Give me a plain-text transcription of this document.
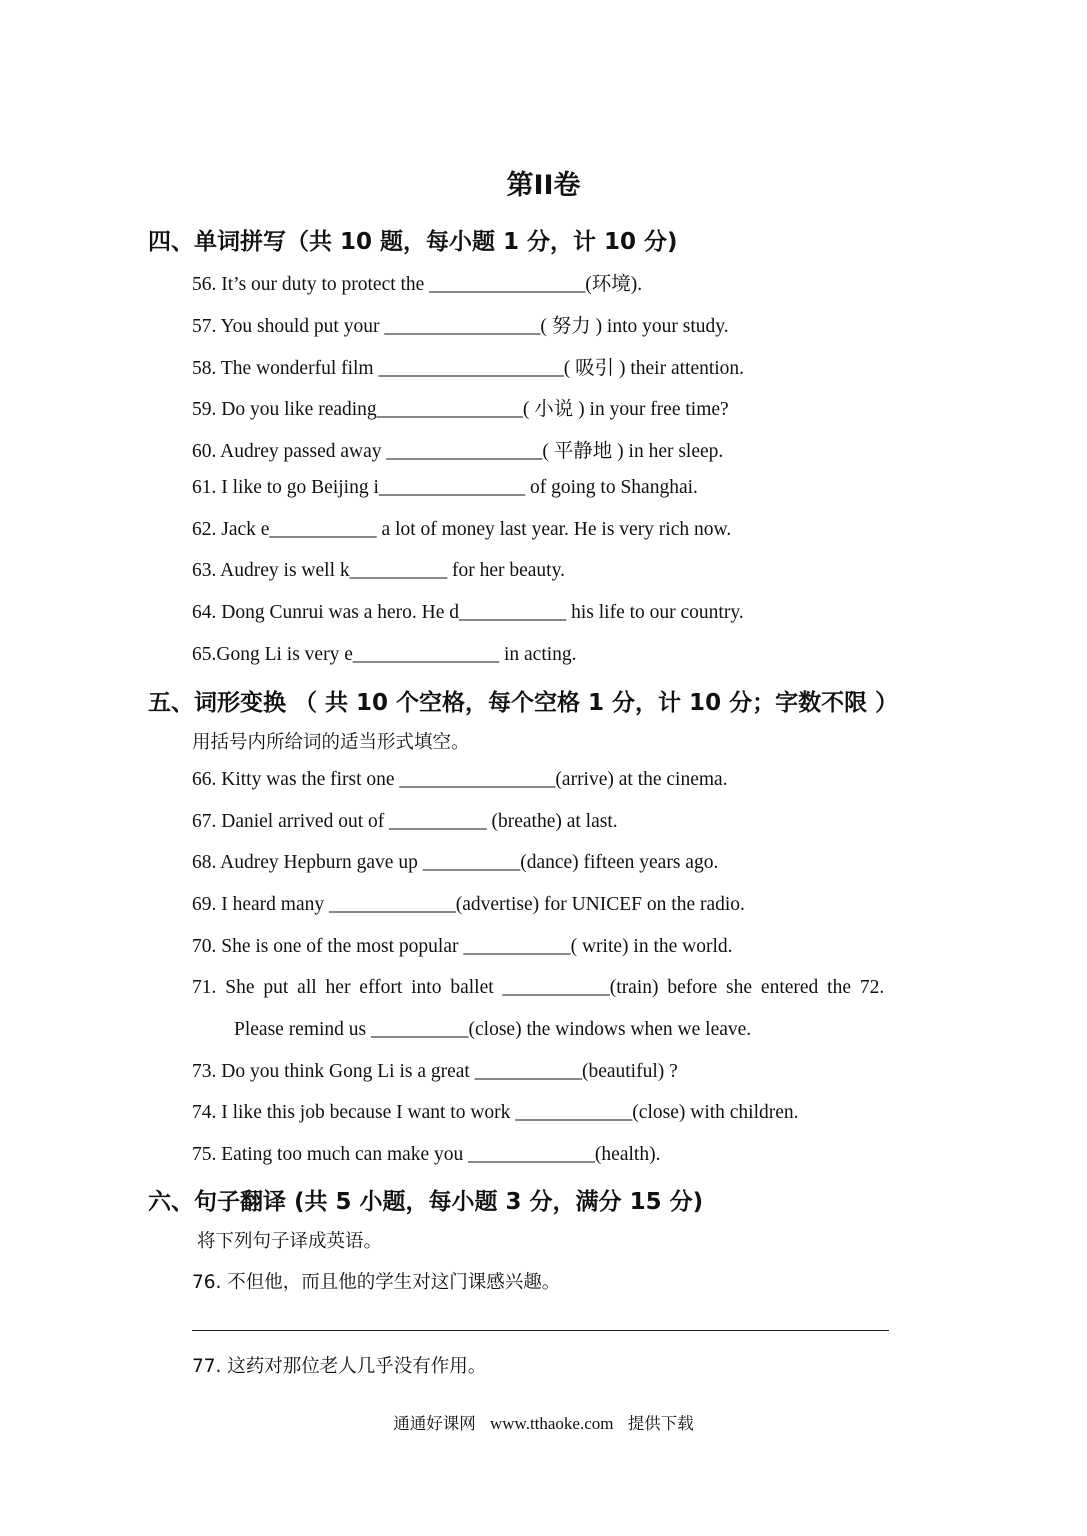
第II卷
四、单词拼写（共 10 题，每小题 1 分，计 10 分)
56. It’s our duty to protect the ________________(环境).
57. You should put your ________________( 努力 ) into your study.
58. The wonderful film ___________________( 吸引 ) their attention.
59. Do you like reading_______________( 小说 ) in your free time?
60. Audrey passed away ________________( 平静地 ) in her sleep.
61. I like to go Beijing i_______________ of going to Shanghai.
62. Jack e___________ a lot of money last year. He is very rich now.
63. Audrey is well k__________ for her beauty.
64. Dong Cunrui was a hero. He d___________ his life to our country.
65.Gong Li is very e_______________ in acting.
五、词形变换 （ 共 10 个空格，每个空格 1 分，计 10 分；字数不限 ）
用括号内所给词的适当形式填空。
66. Kitty was the first one ________________(arrive) at the cinema.
67. Daniel arrived out of __________ (breathe) at last.
68. Audrey Hepburn gave up __________(dance) fifteen years ago.
69. I heard many _____________(advertise) for UNICEF on the radio.
70. She is one of the most popular ___________( write) in the world.
71. She put all her effort into ballet ___________(train) before she entered the 72.
Please remind us __________(close) the windows when we leave.
73. Do you think Gong Li is a great ___________(beautiful) ?
74. I like this job because I want to work ____________(close) with children.
75. Eating too much can make you _____________(health).
六、句子翻译 (共 5 小题，每小题 3 分，满分 15 分)
将下列句子译成英语。
76. 不但他，而且他的学生对这门课感兴趣。
77. 这药对那位老人几乎没有作用。
通通好课网 www.tthaoke.com 提供下载
